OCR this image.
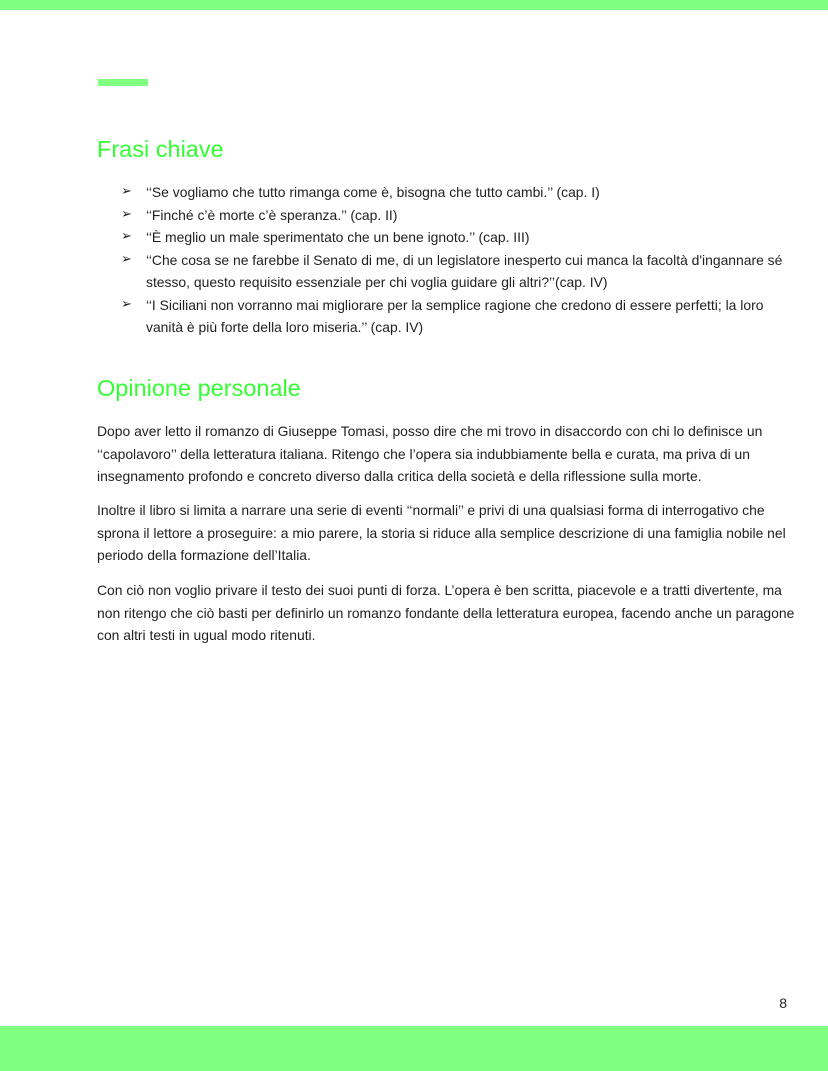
Frasi chiave
➢ ‘‘Se vogliamo che tutto rimanga come è, bisogna che tutto cambi.’’ (cap. I)
➢ ‘‘Finché c’è morte c’è speranza.’’ (cap. II)
➢ ‘‘È meglio un male sperimentato che un bene ignoto.’’ (cap. III)
➢ ‘‘Che cosa se ne farebbe il Senato di me, di un legislatore inesperto cui manca la facoltà d'ingannare sé stesso, questo requisito essenziale per chi voglia guidare gli altri?’’(cap. IV)
➢ ‘‘I Siciliani non vorranno mai migliorare per la semplice ragione che credono di essere perfetti; la loro vanità è più forte della loro miseria.’’ (cap. IV)
Opinione personale

Dopo aver letto il romanzo di Giuseppe Tomasi, posso dire che mi trovo in disaccordo con chi lo definisce un ‘‘capolavoro’’ della letteratura italiana. Ritengo che l’opera sia indubbiamente bella e curata, ma priva di un insegnamento profondo e concreto diverso dalla critica della società e della riflessione sulla morte.

Inoltre il libro si limita a narrare una serie di eventi ‘‘normali’’ e privi di una qualsiasi forma di interrogativo che sprona il lettore a proseguire: a mio parere, la storia si riduce alla semplice descrizione di una famiglia nobile nel periodo della formazione dell’Italia.

Con ciò non voglio privare il testo dei suoi punti di forza. L’opera è ben scritta, piacevole e a tratti divertente, ma non ritengo che ciò basti per definirlo un romanzo fondante della letteratura europea, facendo anche un paragone con altri testi in ugual modo ritenuti.

8
